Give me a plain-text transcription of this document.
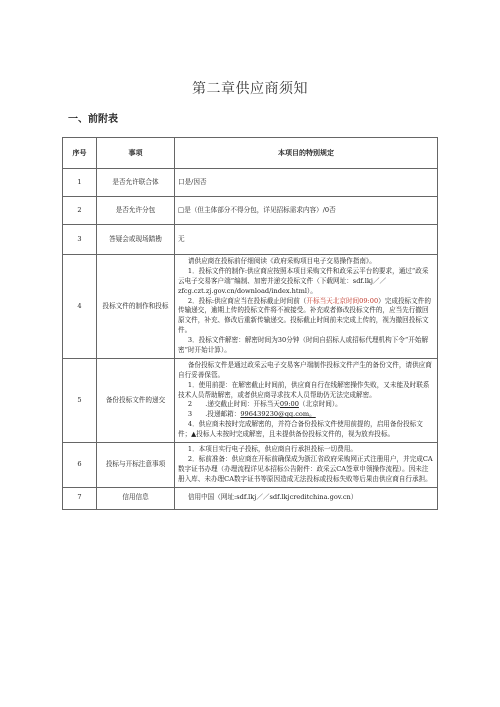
第二章供应商须知
一、前附表
序号	事项	本项目的特别规定
1	是否允许联合体	口是/因否
2	是否允许分包	□是（但主体部分不得分包，详见招标需求内容）/0否
3	答疑会或现场踏勘	无
4	投标文件的制作和投标	请供应商在投标前仔细阅读《政府采购项目电子交易操作指南》。

1．投标文件的制作:供应商应按照本项目采购文件和政采云平台的要求，通过“政采云电子交易客户端”编制、加密并递交投标文件（下载网址：sdf.lkj／／zfcg.czt.zj.gov.cn/download/index.html）。

2．投标:供应商应当在投标截止时间前（开标当天北京时间09:00）完成投标文件的传输递交，逾期上传的投标文件将不被接受。补充或者修改投标文件的，应当先行撤回原文件，补充、修改后重新传输递交。投标截止时间前未完成上传的，视为撤回投标文件。

3．投标文件解密：解密时间为30分钟（时间自招标人或招标代理机构下令“开始解密”时开始计算）。

5	备份投标文件的递交	备份投标文件是通过政采云电子交易客户端制作投标文件产生的备份文件，请供应商自行妥善保管。

1．使用前提：在解密截止时间前，供应商自行在线解密操作失败，又未能及时联系技术人员帮助解密，或者供应商寻求技术人员帮助仍无法完成解密。

2　　.递交截止时间：开标当天09:00（北京时间）。

3　　.投递邮箱：996439230@qq.com。

4．供应商未按时完成解密的，并符合备份投标文件使用前提的，启用备份投标文件；▲投标人未按时完成解密，且未提供备份投标文件的，视为放弃投标。

6	投标与开标注意事项	1．本项目实行电子投标，供应商自行承担投标一切费用。

2．标前准备：供应商在开标前确保成为浙江省政府采购网正式注册用户，并完成CA数字证书办理（办理流程详见本招标公告附件：政采云CA签章申领操作流程）。因未注册入库、未办理CA数字证书等原因造成无法投标或投标失败等后果由供应商自行承担。

7	信用信息	信用中国（网址:sdf.lkj／／sdf.lkjcreditchina.gov.cn）
